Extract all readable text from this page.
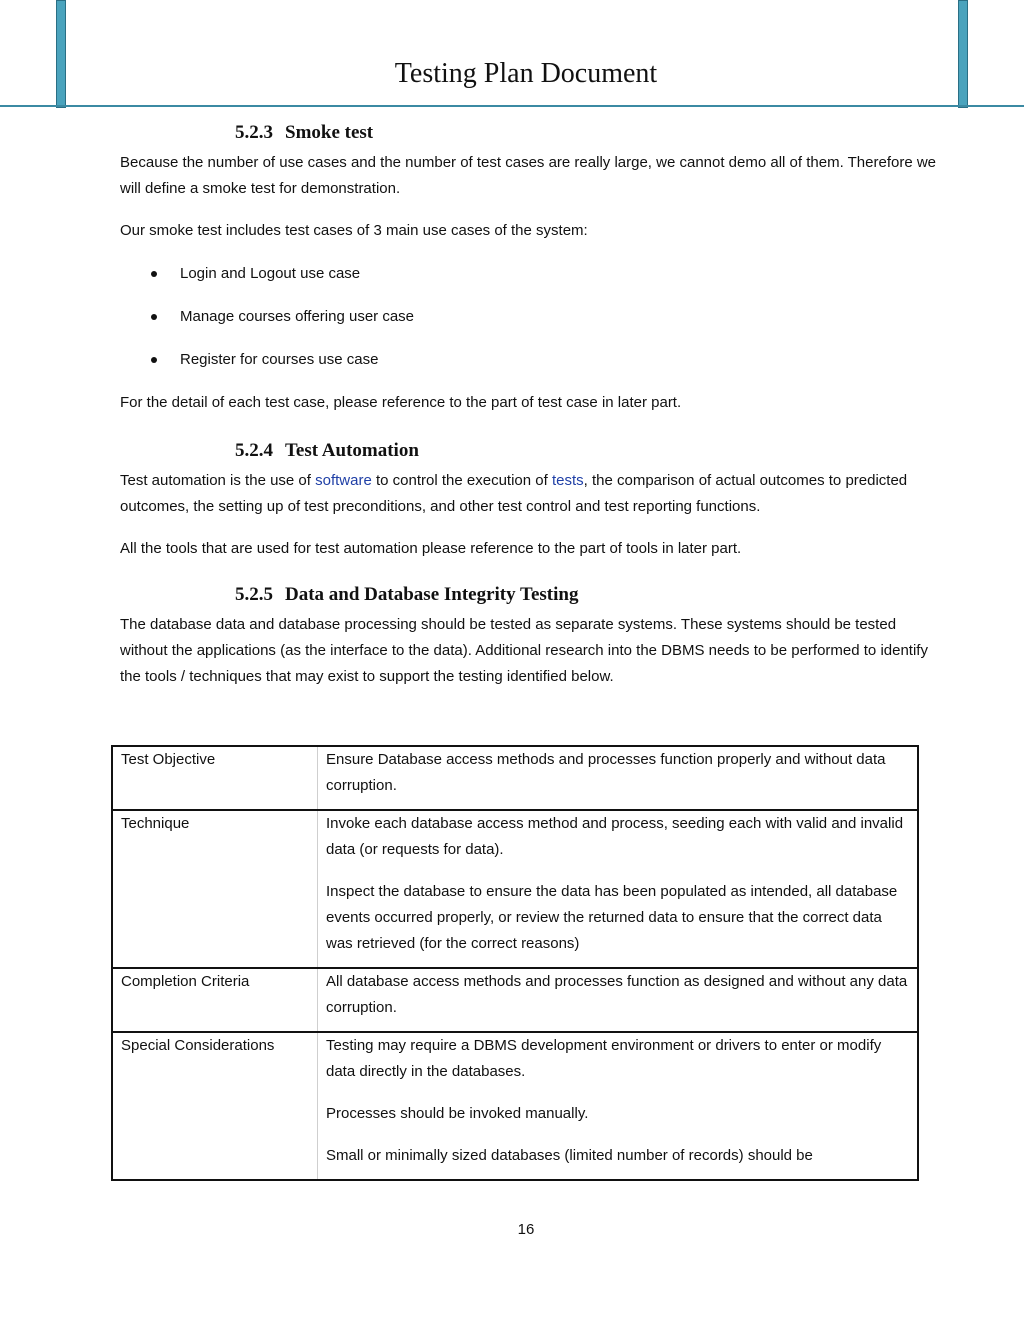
Testing Plan Document
5.2.3 Smoke test

Because the number of use cases and the number of test cases are really large, we cannot demo all of them. Therefore we will define a smoke test for demonstration.

Our smoke test includes test cases of 3 main use cases of the system:

Login and Logout use case
Manage courses offering user case
Register for courses use case

For the detail of each test case, please reference to the part of test case in later part.

5.2.4 Test Automation

Test automation is the use of software to control the execution of tests, the comparison of actual outcomes to predicted outcomes, the setting up of test preconditions, and other test control and test reporting functions.

All the tools that are used for test automation please reference to the part of tools in later part.

5.2.5 Data and Database Integrity Testing

The database data and database processing should be tested as separate systems. These systems should be tested without the applications (as the interface to the data). Additional research into the DBMS needs to be performed to identify the tools / techniques that may exist to support the testing identified below.

Test Objective	Ensure Database access methods and processes function properly and without data corruption.

Technique	Invoke each database access method and process, seeding each with valid and invalid data (or requests for data).

Inspect the database to ensure the data has been populated as intended, all database events occurred properly, or review the returned data to ensure that the correct data was retrieved (for the correct reasons)

Completion Criteria	All database access methods and processes function as designed and without any data corruption.

Special Considerations	Testing may require a DBMS development environment or drivers to enter or modify data directly in the databases.

Processes should be invoked manually.

Small or minimally sized databases (limited number of records) should be

16
